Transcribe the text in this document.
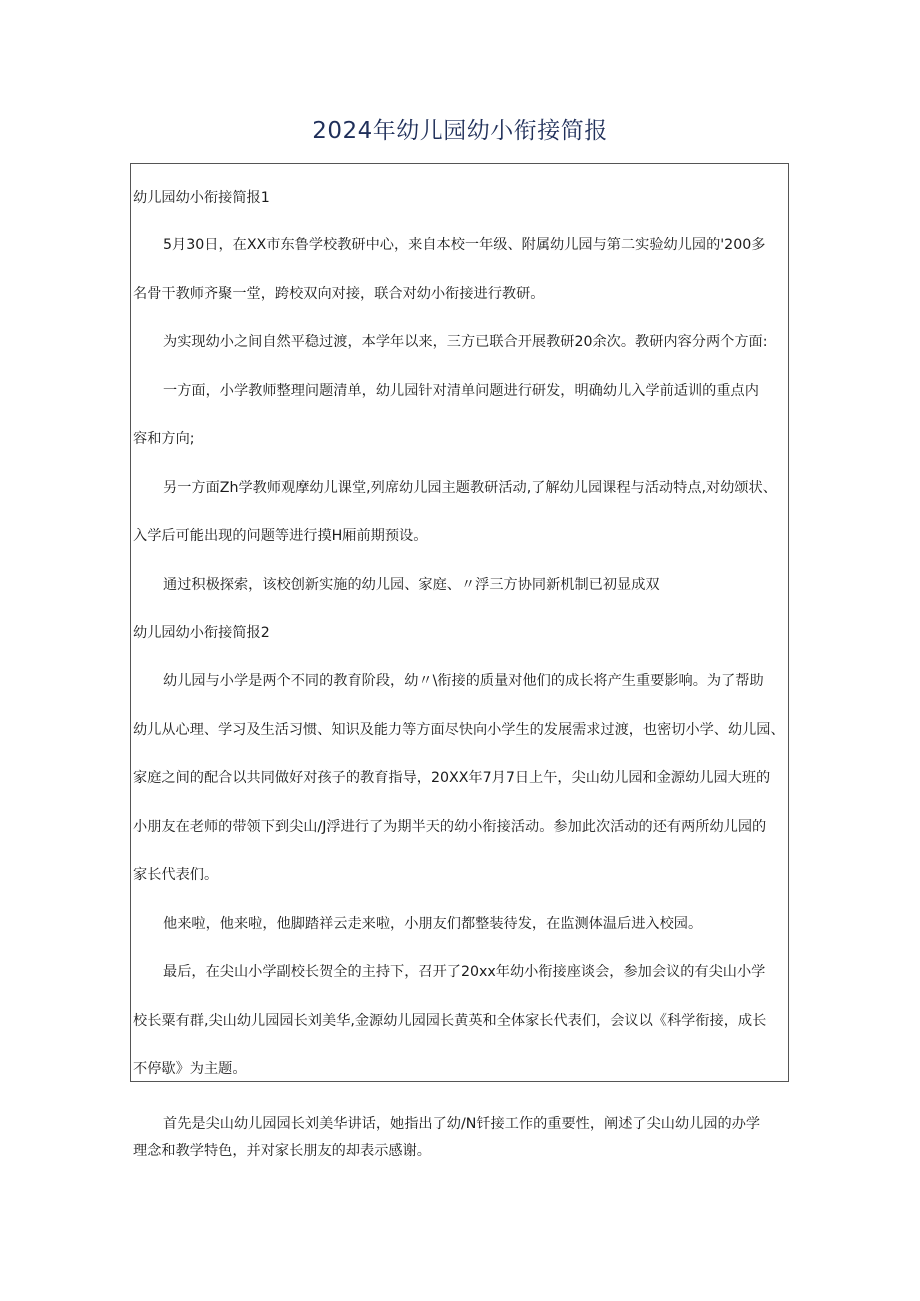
2024年幼儿园幼小衔接简报

幼儿园幼小衔接简报1

5月30日，在XX市东鲁学校教研中心，来自本校一年级、附属幼儿园与第二实验幼儿园的'200多

名骨干教师齐聚一堂，跨校双向对接，联合对幼小衔接进行教研。

为实现幼小之间自然平稳过渡，本学年以来，三方已联合开展教研20余次。教研内容分两个方面:

一方面，小学教师整理问题清单，幼儿园针对清单问题进行研发，明确幼儿入学前适训的重点内

容和方向;

另一方面Zh学教师观摩幼儿课堂,列席幼儿园主题教研活动,了解幼儿园课程与活动特点,对幼颂状、

入学后可能出现的问题等进行摸H厢前期预设。

通过积极探索，该校创新实施的幼儿园、家庭、〃浮三方协同新机制已初显成双

幼儿园幼小衔接简报2

幼儿园与小学是两个不同的教育阶段，幼〃\衔接的质量对他们的成长将产生重要影响。为了帮助

幼儿从心理、学习及生活习惯、知识及能力等方面尽快向小学生的发展需求过渡，也密切小学、幼儿园、

家庭之间的配合以共同做好对孩子的教育指导，20XX年7月7日上午，尖山幼儿园和金源幼儿园大班的

小朋友在老师的带领下到尖山/J浮进行了为期半天的幼小衔接活动。参加此次活动的还有两所幼儿园的

家长代表们。

他来啦，他来啦，他脚踏祥云走来啦，小朋友们都整装待发，在监测体温后进入校园。

最后，在尖山小学副校长贺全的主持下，召开了20xx年幼小衔接座谈会，参加会议的有尖山小学

校长粟有群,尖山幼儿园园长刘美华,金源幼儿园园长黄英和全体家长代表们，会议以《科学衔接，成长

不停歇》为主题。

首先是尖山幼儿园园长刘美华讲话，她指出了幼/N钎接工作的重要性，阐述了尖山幼儿园的办学

理念和教学特色，并对家长朋友的却表示感谢。
